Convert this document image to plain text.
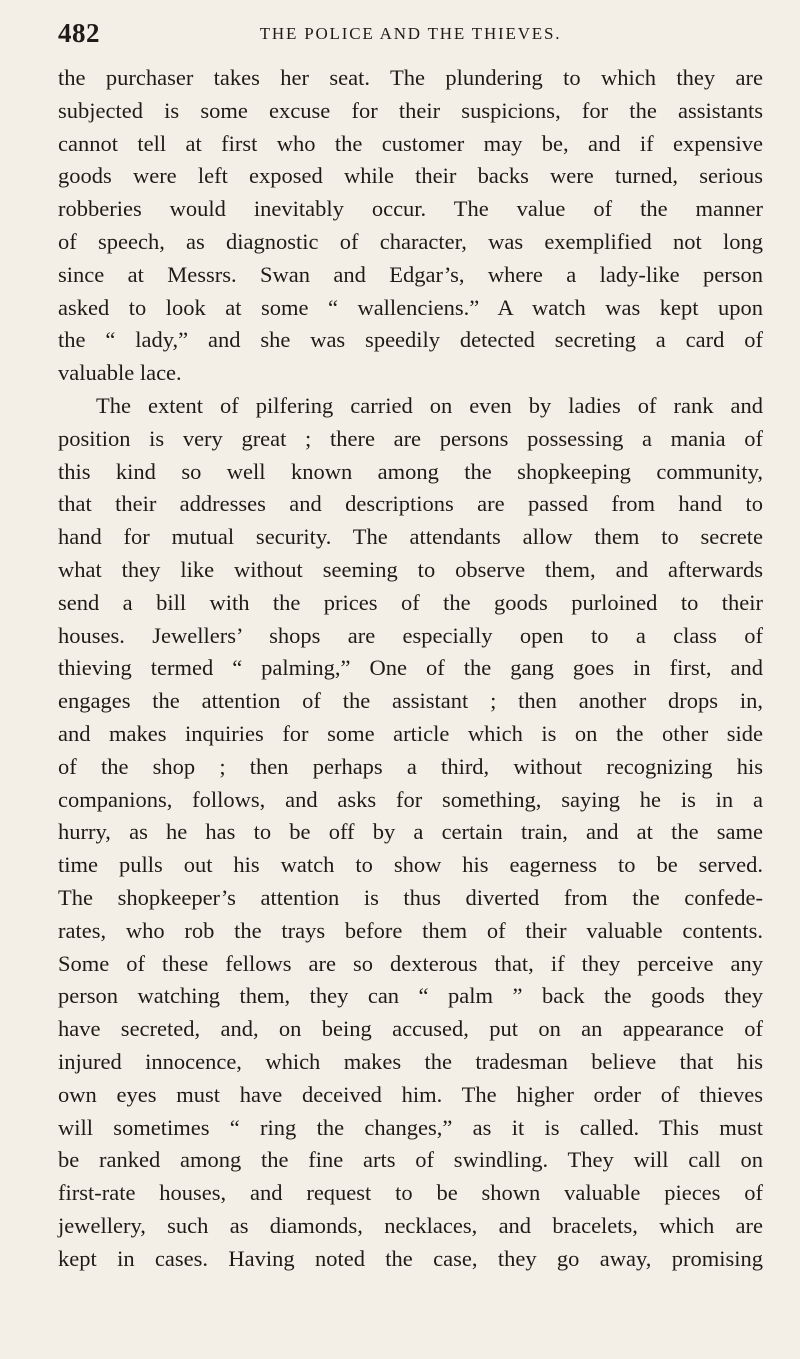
482	THE POLICE AND THE THIEVES.
the purchaser takes her seat. The plundering to which they are
subjected is some excuse for their suspicions, for the assistants
cannot tell at first who the customer may be, and if expensive
goods were left exposed while their backs were turned, serious
robberies would inevitably occur. The value of the manner
of speech, as diagnostic of character, was exemplified not long
since at Messrs. Swan and Edgar’s, where a lady-like person
asked to look at some “ wallenciens.” A watch was kept upon
the “ lady,” and she was speedily detected secreting a card of
valuable lace.
The extent of pilfering carried on even by ladies of rank and
position is very great ; there are persons possessing a mania of
this kind so well known among the shopkeeping community,
that their addresses and descriptions are passed from hand to
hand for mutual security. The attendants allow them to secrete
what they like without seeming to observe them, and afterwards
send a bill with the prices of the goods purloined to their
houses. Jewellers’ shops are especially open to a class of
thieving termed “ palming,” One of the gang goes in first, and
engages the attention of the assistant ; then another drops in,
and makes inquiries for some article which is on the other side
of the shop ; then perhaps a third, without recognizing his
companions, follows, and asks for something, saying he is in a
hurry, as he has to be off by a certain train, and at the same
time pulls out his watch to show his eagerness to be served.
The shopkeeper’s attention is thus diverted from the confede-
rates, who rob the trays before them of their valuable contents.
Some of these fellows are so dexterous that, if they perceive any
person watching them, they can “ palm ” back the goods they
have secreted, and, on being accused, put on an appearance of
injured innocence, which makes the tradesman believe that his
own eyes must have deceived him. The higher order of thieves
will sometimes “ ring the changes,” as it is called. This must
be ranked among the fine arts of swindling. They will call on
first-rate houses, and request to be shown valuable pieces of
jewellery, such as diamonds, necklaces, and bracelets, which are
kept in cases. Having noted the case, they go away, promising
